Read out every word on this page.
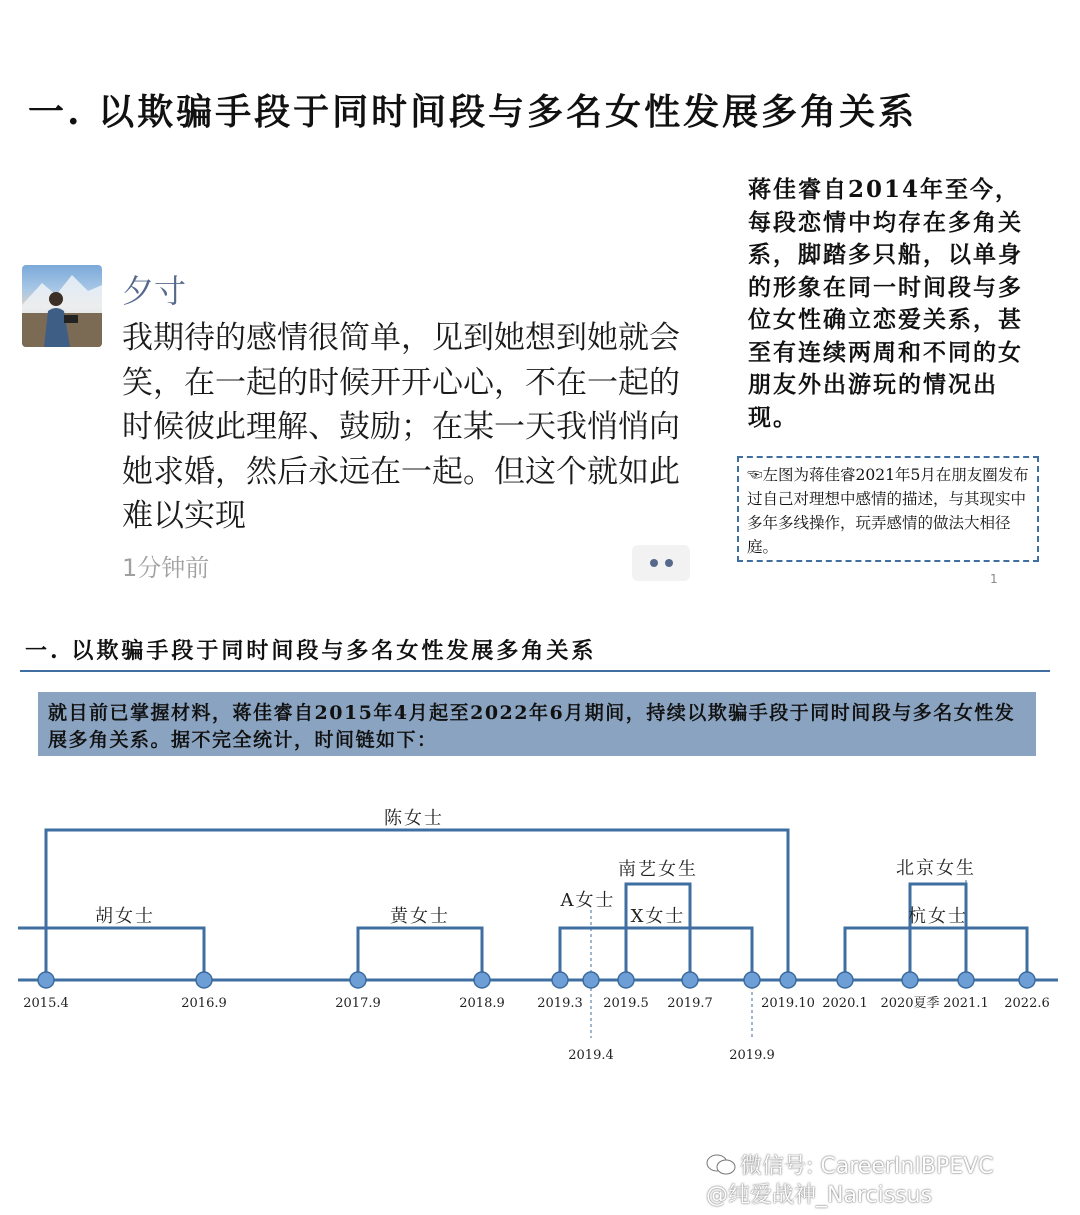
一. 以欺骗手段于同时间段与多名女性发展多角关系
夕寸
我期待的感情很简单，见到她想到她就会笑，在一起的时候开开心心，不在一起的时候彼此理解、鼓励；在某一天我悄悄向她求婚，然后永远在一起。但这个就如此难以实现
1分钟前
蒋佳睿自2014年至今，每段恋情中均存在多角关系，脚踏多只船，以单身的形象在同一时间段与多位女性确立恋爱关系，甚至有连续两周和不同的女朋友外出游玩的情况出现。
☜左图为蒋佳睿2021年5月在朋友圈发布过自己对理想中感情的描述，与其现实中多年多线操作，玩弄感情的做法大相径庭。
1
一. 以欺骗手段于同时间段与多名女性发展多角关系
就目前已掌握材料，蒋佳睿自2015年4月起至2022年6月期间，持续以欺骗手段于同时间段与多名女性发展多角关系。据不完全统计，时间链如下：
陈女士
胡女士	黄女士
A女士
X女士
南艺女生
杭女士
北京女生
2015.4	2016.9	2017.9	2018.9	2019.3
2019.4
2019.5 2019.7
2019.9
2019.10 2020.1 2020夏季 2021.1 2022.6
微信号: CareerInIBPEVC
@纯爱战神_Narcissus
